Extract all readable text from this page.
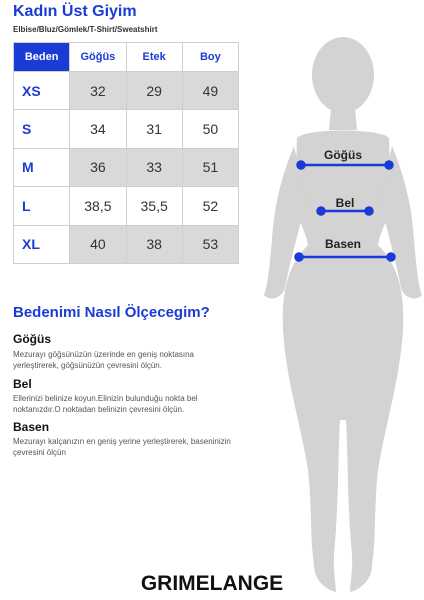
Kadın Üst Giyim
Elbise/Bluz/Gömlek/T-Shirt/Sweatshirt
Beden	Göğüs	Etek	Boy
XS	32	29	49
S	34	31	50
M	36	33	51
L	38,5	35,5	52
XL	40	38	53
Bedenimi Nasıl Ölçecegim?
Göğüs
Mezurayı göğsünüzün üzerinde en geniş noktasına yerleştirerek, göğsünüzün çevresini ölçün.
Bel
Ellerinizi belinize koyun.Elinizin bulunduğu nokta bel noktanızdır.O noktadan belinizin çevresini ölçün.
Basen
Mezurayı kalçanızın en geniş yerine yerleştirerek, baseninizin çevresini ölçün
Göğüs
Bel
Basen
GRIMELANGE
